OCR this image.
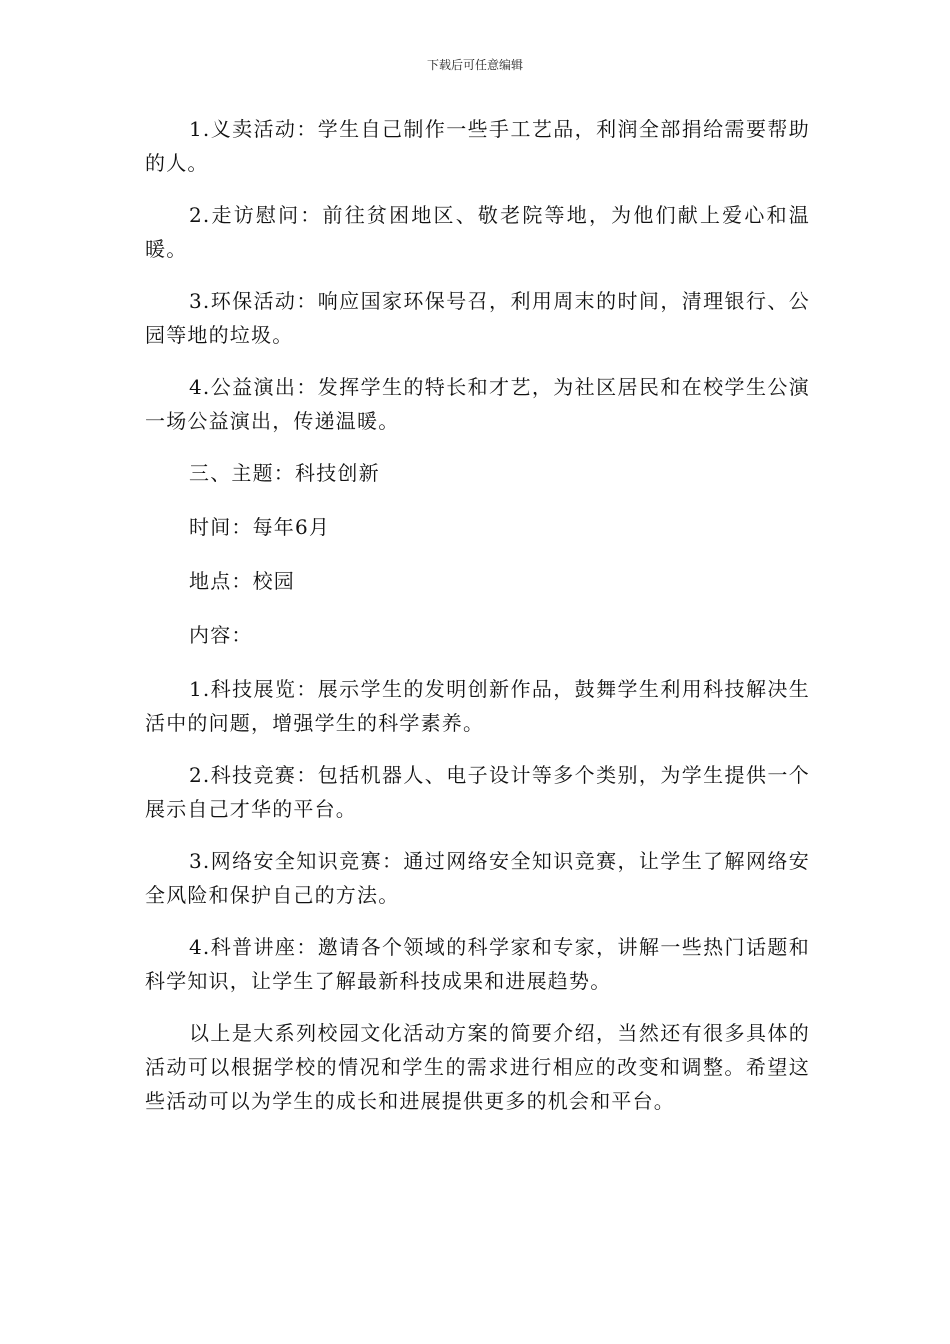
下载后可任意编辑

1.义卖活动：学生自己制作一些手工艺品，利润全部捐给需要帮助的人。

2.走访慰问：前往贫困地区、敬老院等地，为他们献上爱心和温暖。

3.环保活动：响应国家环保号召，利用周末的时间，清理银行、公园等地的垃圾。

4.公益演出：发挥学生的特长和才艺，为社区居民和在校学生公演一场公益演出，传递温暖。

三、主题：科技创新

时间：每年6月

地点：校园

内容：

1.科技展览：展示学生的发明创新作品，鼓舞学生利用科技解决生活中的问题，增强学生的科学素养。

2.科技竞赛：包括机器人、电子设计等多个类别，为学生提供一个展示自己才华的平台。

3.网络安全知识竞赛：通过网络安全知识竞赛，让学生了解网络安全风险和保护自己的方法。

4.科普讲座：邀请各个领域的科学家和专家，讲解一些热门话题和科学知识，让学生了解最新科技成果和进展趋势。

以上是大系列校园文化活动方案的简要介绍，当然还有很多具体的活动可以根据学校的情况和学生的需求进行相应的改变和调整。希望这些活动可以为学生的成长和进展提供更多的机会和平台。
